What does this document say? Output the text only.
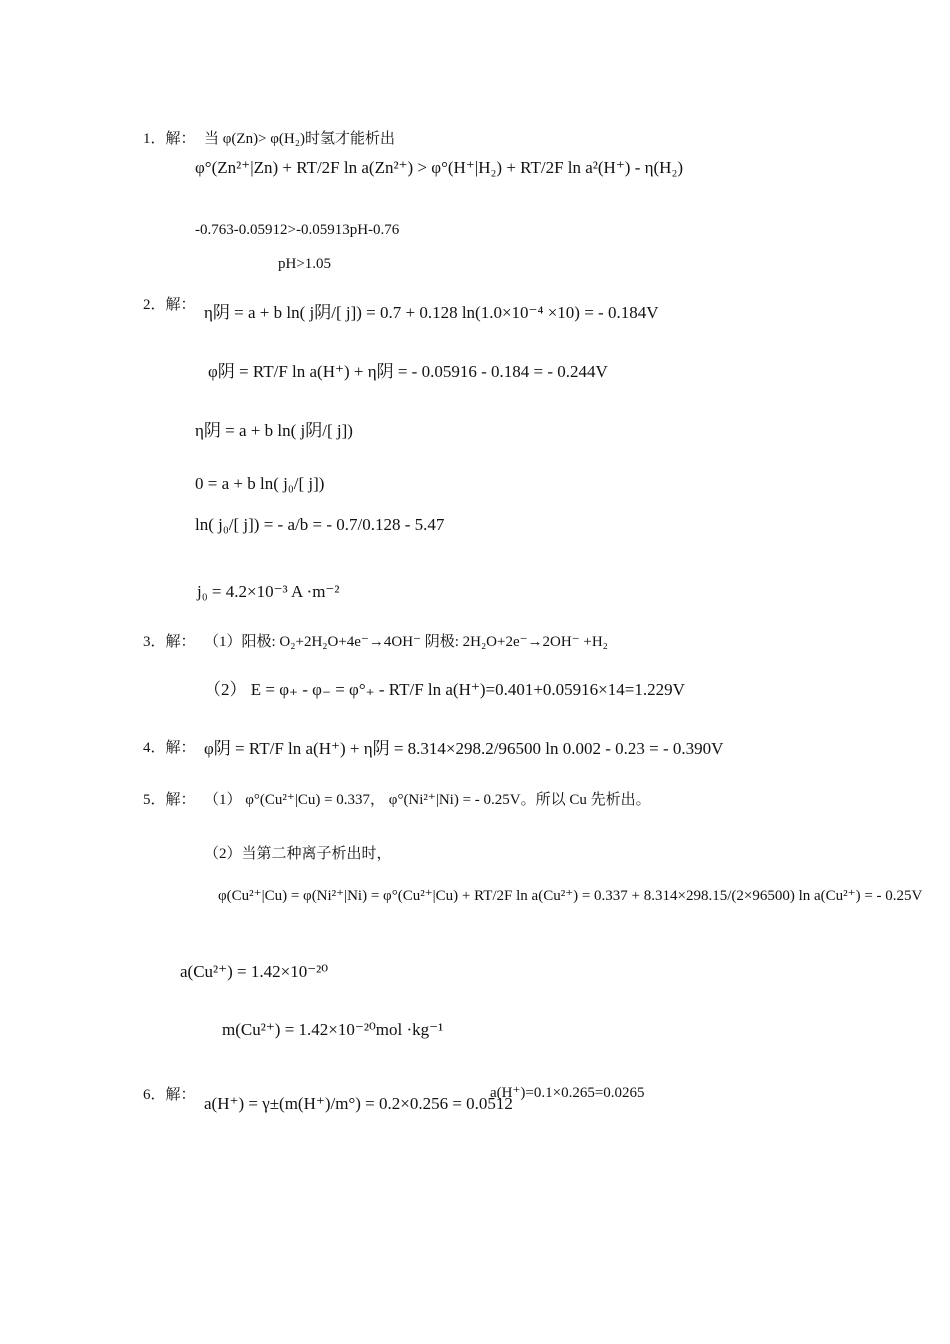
1．解： 当 φ(Zn)> φ(H₂)时氢才能析出
φ°(Zn²⁺|Zn) + RT/2F ln a(Zn²⁺) > φ°(H⁺|H₂) + RT/2F ln a²(H⁺) - η(H₂)
-0.763-0.05912>-0.05913pH-0.76
pH>1.05
2．解： η阴 = a + b ln( j阴/[ j]) = 0.7 + 0.128 ln(1.0×10⁻⁴ ×10) = - 0.184V
φ阴 = RT/F ln a(H⁺) + η阴 = - 0.05916 - 0.184 = - 0.244V
η阴 = a + b ln( j阴/[ j])
0 = a + b ln( j₀/[ j])
ln( j₀/[ j]) = - a/b = - 0.7/0.128 - 5.47
j₀ = 4.2×10⁻³ A ·m⁻²
3．解： （1）阳极: O₂+2H₂O+4e⁻→4OH⁻ 阴极: 2H₂O+2e⁻→2OH⁻ +H₂
（2） E = φ₊ - φ₋ = φ°₊ - RT/F ln a(H⁺)=0.401+0.05916×14=1.229V
4．解： φ阴 = RT/F ln a(H⁺) + η阴 = 8.314×298.2/96500 ln 0.002 - 0.23 = - 0.390V
5．解： （1） φ°(Cu²⁺|Cu) = 0.337， φ°(Ni²⁺|Ni) = - 0.25V。所以 Cu 先析出。
（2）当第二种离子析出时，
φ(Cu²⁺|Cu) = φ(Ni²⁺|Ni) = φ°(Cu²⁺|Cu) + RT/2F ln a(Cu²⁺) = 0.337 + 8.314×298.15/(2×96500) ln a(Cu²⁺) = - 0.25V
a(Cu²⁺) = 1.42×10⁻²⁰
m(Cu²⁺) = 1.42×10⁻²⁰mol ·kg⁻¹
6．解： a(H⁺) = γ±(m(H⁺)/m°) = 0.2×0.256 = 0.0512
a(H⁺)=0.1×0.265=0.0265
